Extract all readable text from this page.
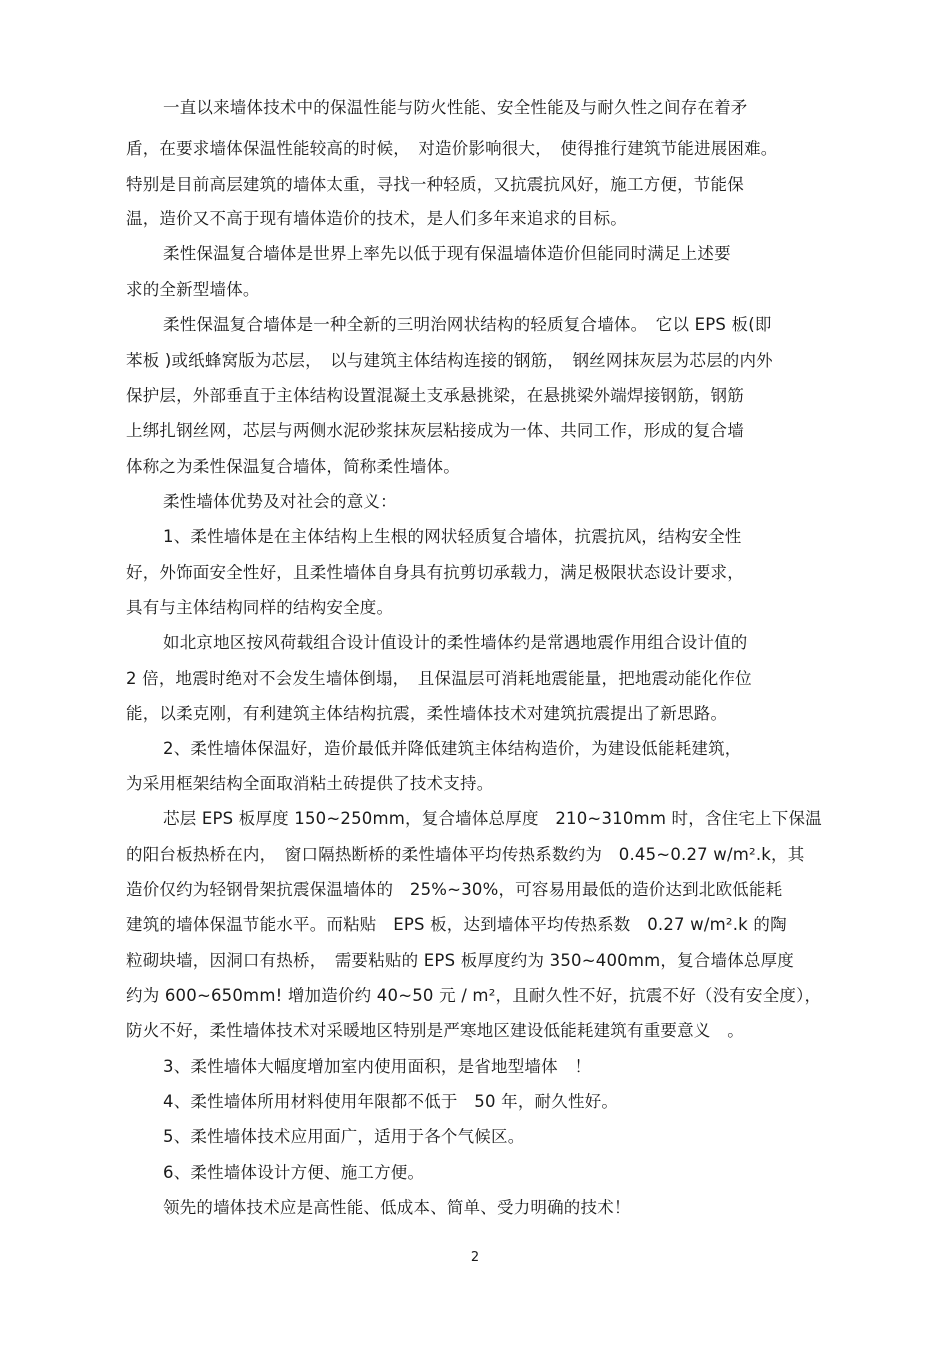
一直以来墙体技术中的保温性能与防火性能、安全性能及与耐久性之间存在着矛

盾，在要求墙体保温性能较高的时候，　对造价影响很大，　使得推行建筑节能进展困难。

特别是目前高层建筑的墙体太重，寻找一种轻质，又抗震抗风好，施工方便，节能保

温，造价又不高于现有墙体造价的技术，是人们多年来追求的目标。

柔性保温复合墙体是世界上率先以低于现有保温墙体造价但能同时满足上述要

求的全新型墙体。

柔性保温复合墙体是一种全新的三明治网状结构的轻质复合墙体。　它以 EPS 板(即

苯板 )或纸蜂窝版为芯层，　以与建筑主体结构连接的钢筋，　钢丝网抹灰层为芯层的内外

保护层，外部垂直于主体结构设置混凝土支承悬挑梁，在悬挑梁外端焊接钢筋，钢筋

上绑扎钢丝网，芯层与两侧水泥砂浆抹灰层粘接成为一体、共同工作，形成的复合墙

体称之为柔性保温复合墙体，简称柔性墙体。

柔性墙体优势及对社会的意义：

1、柔性墙体是在主体结构上生根的网状轻质复合墙体，抗震抗风，结构安全性

好，外饰面安全性好，且柔性墙体自身具有抗剪切承载力，满足极限状态设计要求，

具有与主体结构同样的结构安全度。

如北京地区按风荷载组合设计值设计的柔性墙体约是常遇地震作用组合设计值的

2 倍，地震时绝对不会发生墙体倒塌，　且保温层可消耗地震能量，把地震动能化作位

能，以柔克刚，有利建筑主体结构抗震，柔性墙体技术对建筑抗震提出了新思路。

2、柔性墙体保温好，造价最低并降低建筑主体结构造价，为建设低能耗建筑，

为采用框架结构全面取消粘土砖提供了技术支持。

芯层 EPS 板厚度 150~250mm，复合墙体总厚度　210~310mm 时，含住宅上下保温

的阳台板热桥在内，　窗口隔热断桥的柔性墙体平均传热系数约为　0.45~0.27 w/m².k，其

造价仅约为轻钢骨架抗震保温墙体的　25%~30%，可容易用最低的造价达到北欧低能耗

建筑的墙体保温节能水平。而粘贴　EPS 板，达到墙体平均传热系数　0.27 w/m².k 的陶

粒砌块墙，因洞口有热桥，　需要粘贴的 EPS 板厚度约为 350~400mm，复合墙体总厚度

约为 600~650mm! 增加造价约 40~50 元 / m²，且耐久性不好，抗震不好（没有安全度），

防火不好，柔性墙体技术对采暖地区特别是严寒地区建设低能耗建筑有重要意义　。

3、柔性墙体大幅度增加室内使用面积，是省地型墙体　！

4、柔性墙体所用材料使用年限都不低于　50 年，耐久性好。

5、柔性墙体技术应用面广，适用于各个气候区。

6、柔性墙体设计方便、施工方便。

领先的墙体技术应是高性能、低成本、简单、受力明确的技术！

2
